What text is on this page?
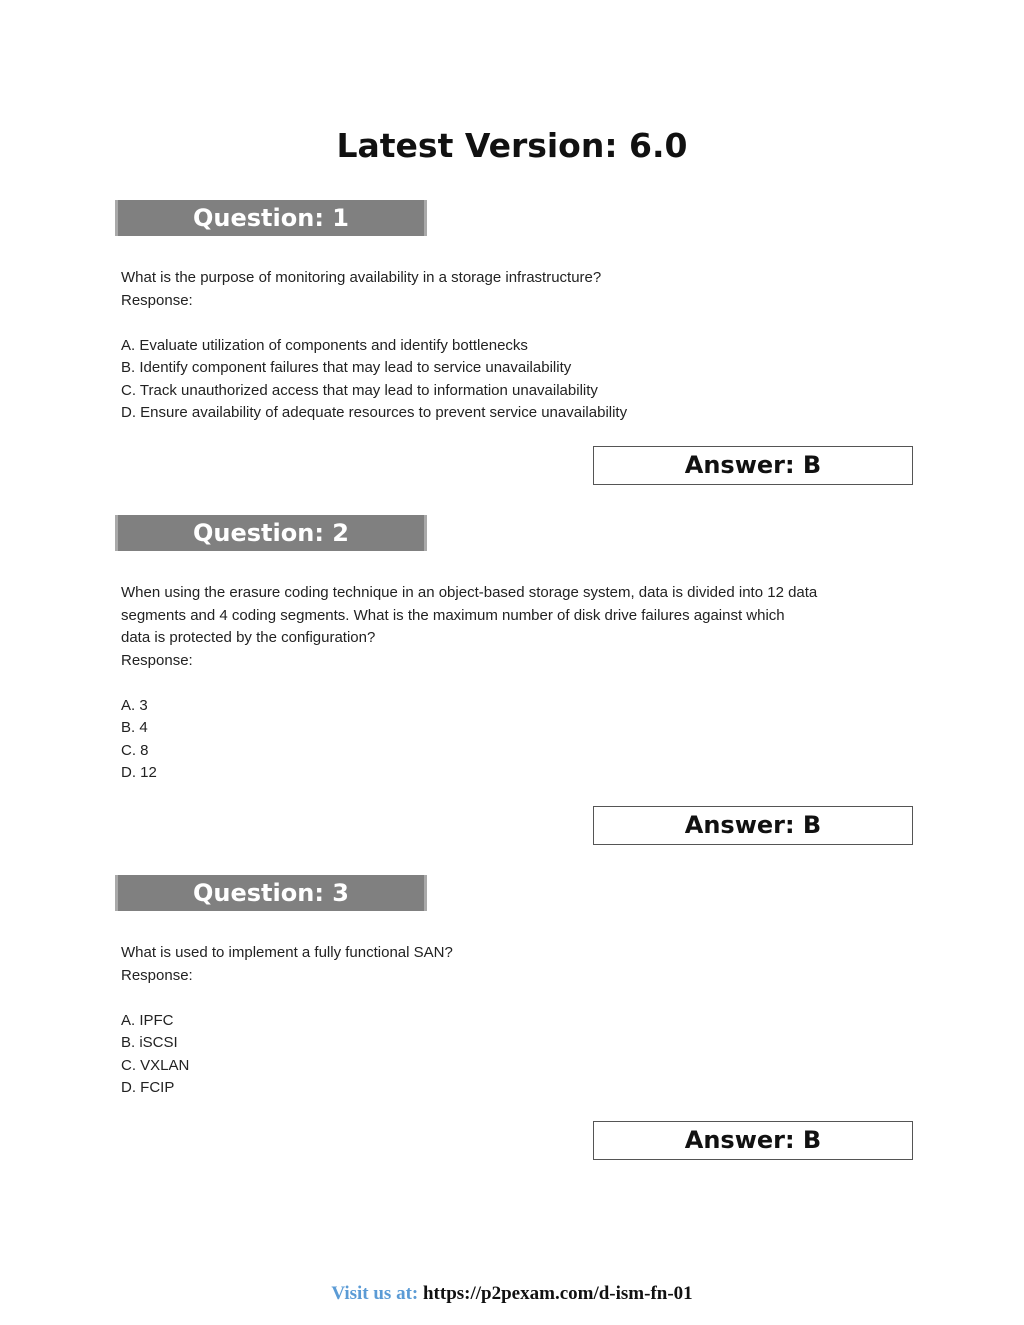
Latest Version: 6.0
Question: 1
What is the purpose of monitoring availability in a storage infrastructure?
Response:
A. Evaluate utilization of components and identify bottlenecks
B. Identify component failures that may lead to service unavailability
C. Track unauthorized access that may lead to information unavailability
D. Ensure availability of adequate resources to prevent service unavailability
Answer: B
Question: 2
When using the erasure coding technique in an object-based storage system, data is divided into 12 data
segments and 4 coding segments. What is the maximum number of disk drive failures against which
data is protected by the configuration?
Response:
A. 3
B. 4
C. 8
D. 12
Answer: B
Question: 3
What is used to implement a fully functional SAN?
Response:
A. IPFC
B. iSCSI
C. VXLAN
D. FCIP
Answer: B
Visit us at: https://p2pexam.com/d-ism-fn-01
